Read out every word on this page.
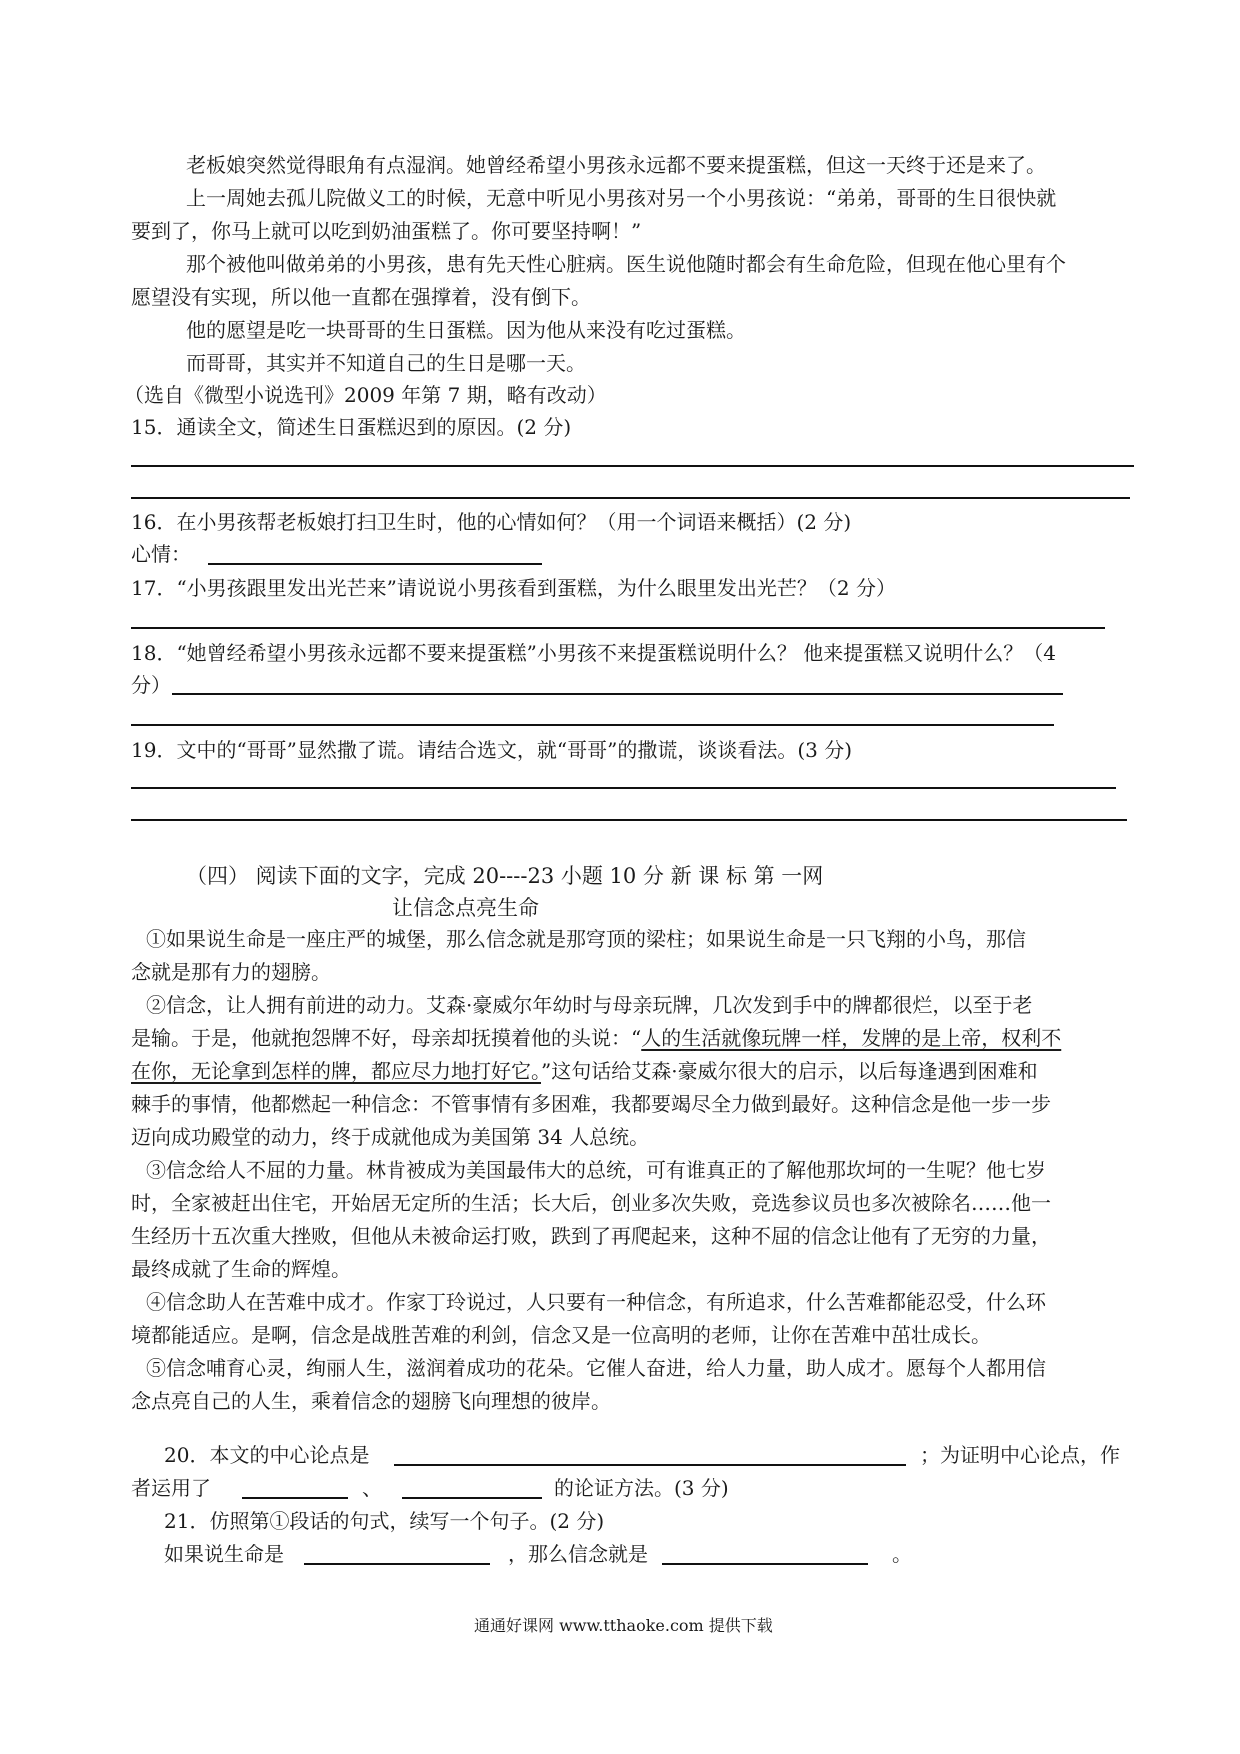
老板娘突然觉得眼角有点湿润。她曾经希望小男孩永远都不要来提蛋糕，但这一天终于还是来了。
上一周她去孤儿院做义工的时候，无意中听见小男孩对另一个小男孩说：“弟弟，哥哥的生日很快就
要到了，你马上就可以吃到奶油蛋糕了。你可要坚持啊！”
那个被他叫做弟弟的小男孩，患有先天性心脏病。医生说他随时都会有生命危险，但现在他心里有个
愿望没有实现，所以他一直都在强撑着，没有倒下。
他的愿望是吃一块哥哥的生日蛋糕。因为他从来没有吃过蛋糕。
而哥哥，其实并不知道自己的生日是哪一天。
（选自《微型小说选刊》2009 年第 7 期，略有改动）
15．通读全文，简述生日蛋糕迟到的原因。(2 分)
16．在小男孩帮老板娘打扫卫生时，他的心情如何？（用一个词语来概括）(2 分)
心情：
17．“小男孩跟里发出光芒来”请说说小男孩看到蛋糕，为什么眼里发出光芒？（2 分）
18．“她曾经希望小男孩永远都不要来提蛋糕”小男孩不来提蛋糕说明什么？ 他来提蛋糕又说明什么？（4
分）
19．文中的“哥哥”显然撒了谎。请结合选文，就“哥哥”的撒谎，谈谈看法。(3 分)
（四） 阅读下面的文字，完成 20----23 小题 10 分 新 课 标 第 一网
让信念点亮生命
①如果说生命是一座庄严的城堡，那么信念就是那穹顶的梁柱；如果说生命是一只飞翔的小鸟，那信
念就是那有力的翅膀。
②信念，让人拥有前进的动力。艾森·豪威尔年幼时与母亲玩牌，几次发到手中的牌都很烂，以至于老
是输。于是，他就抱怨牌不好，母亲却抚摸着他的头说：“人的生活就像玩牌一样，发牌的是上帝，权利不
在你，无论拿到怎样的牌，都应尽力地打好它。”这句话给艾森·豪威尔很大的启示，以后每逢遇到困难和
棘手的事情，他都燃起一种信念：不管事情有多困难，我都要竭尽全力做到最好。这种信念是他一步一步
迈向成功殿堂的动力，终于成就他成为美国第 34 人总统。
③信念给人不屈的力量。林肯被成为美国最伟大的总统，可有谁真正的了解他那坎坷的一生呢？他七岁
时，全家被赶出住宅，开始居无定所的生活；长大后，创业多次失败，竞选参议员也多次被除名……他一
生经历十五次重大挫败，但他从未被命运打败，跌到了再爬起来，这种不屈的信念让他有了无穷的力量，
最终成就了生命的辉煌。
④信念助人在苦难中成才。作家丁玲说过，人只要有一种信念，有所追求，什么苦难都能忍受，什么环
境都能适应。是啊，信念是战胜苦难的利剑，信念又是一位高明的老师，让你在苦难中茁壮成长。
⑤信念哺育心灵，绚丽人生，滋润着成功的花朵。它催人奋进，给人力量，助人成才。愿每个人都用信
念点亮自己的人生，乘着信念的翅膀飞向理想的彼岸。
20．本文的中心论点是	；为证明中心论点，作
者运用了	、	的论证方法。(3 分)
21．仿照第①段话的句式，续写一个句子。(2 分)
如果说生命是	，那么信念就是	。
通通好课网 www.tthaoke.com 提供下载
